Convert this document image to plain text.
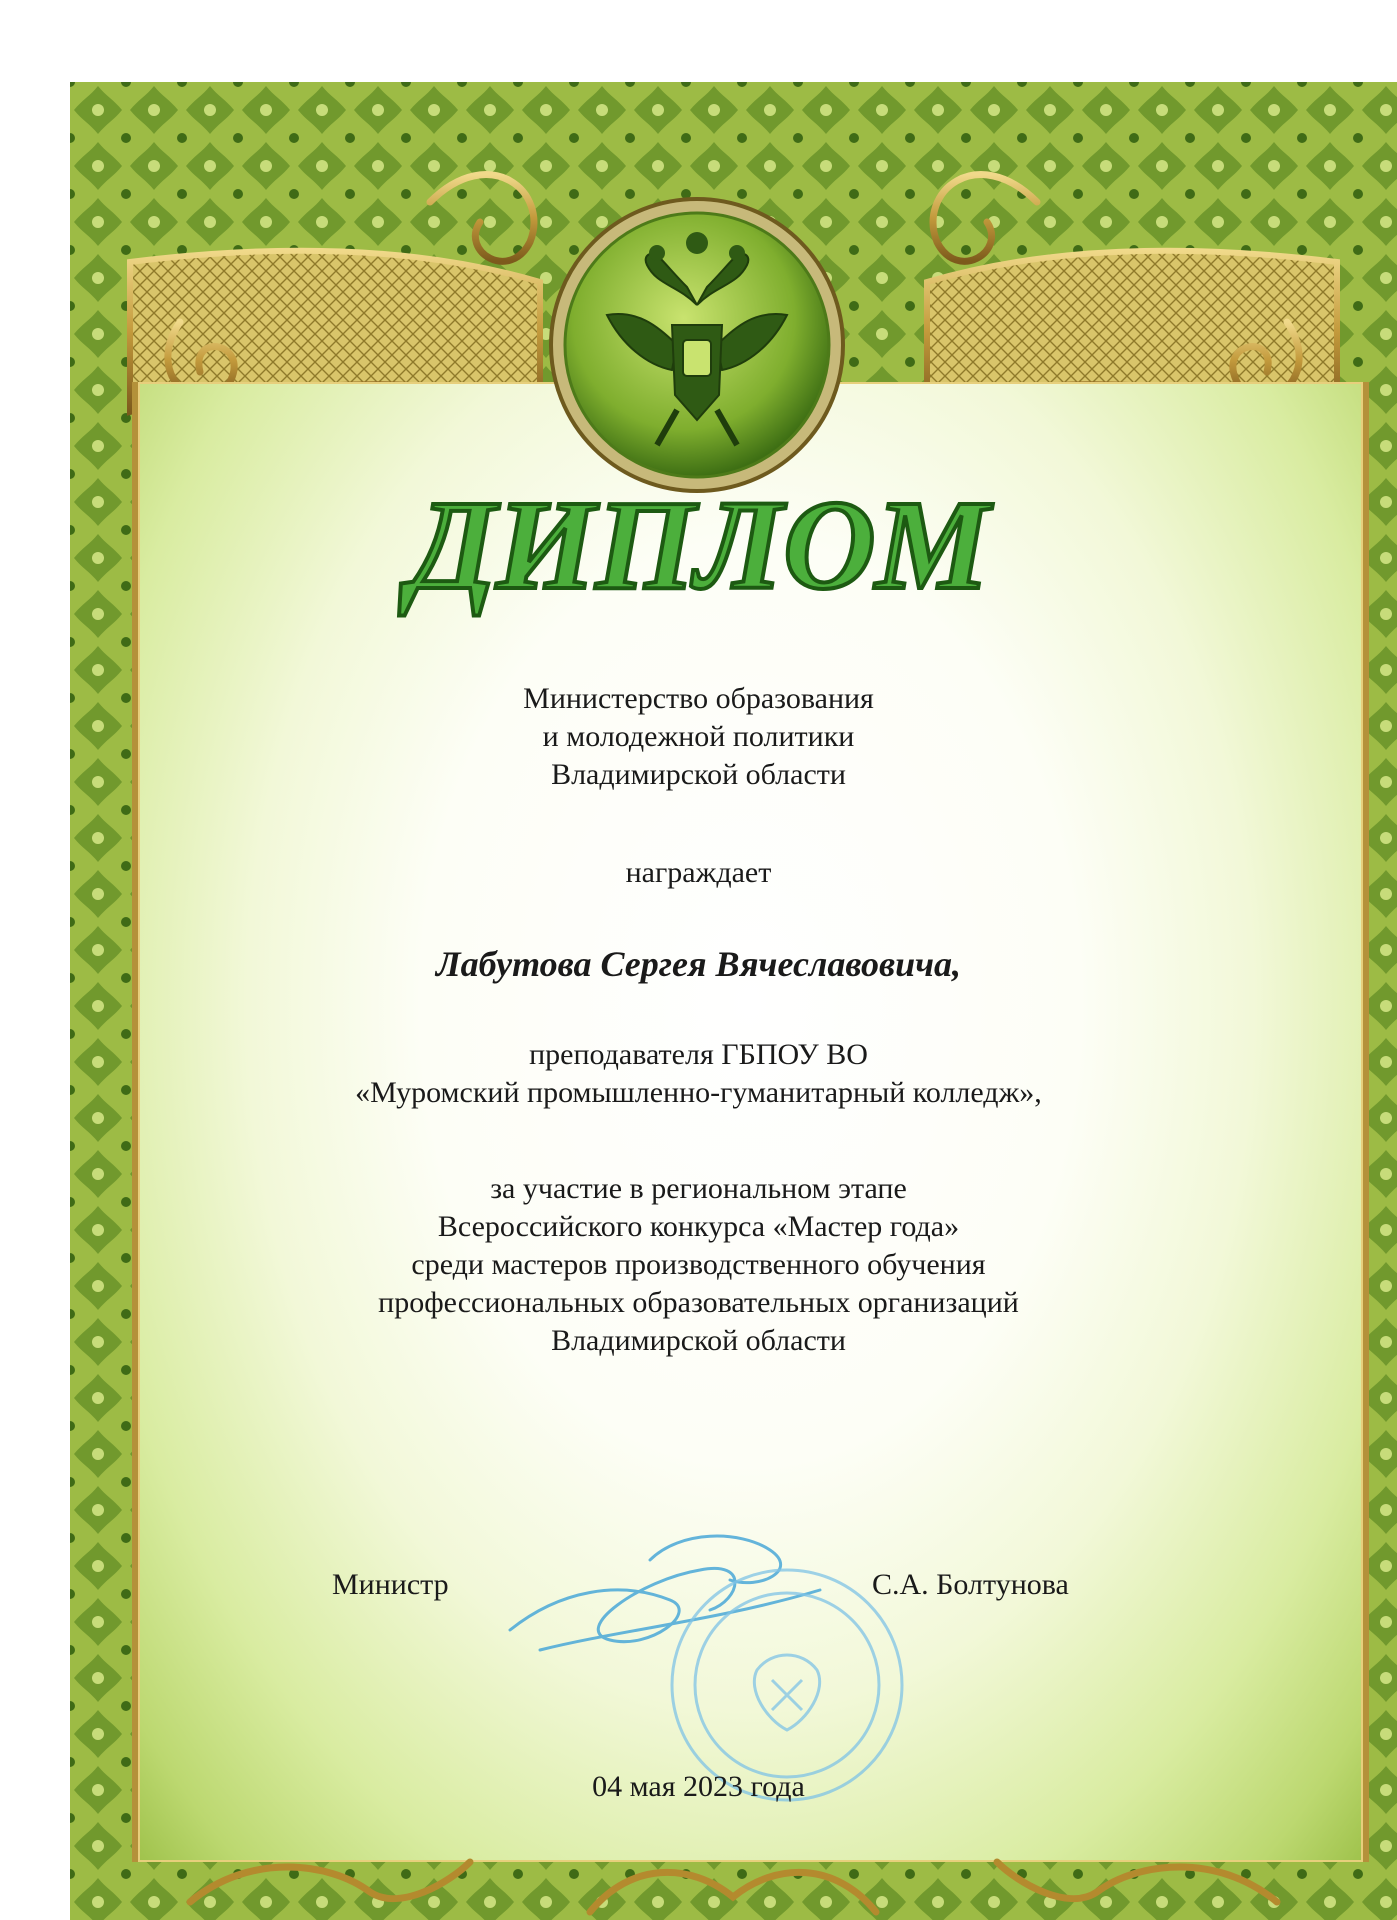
ДИПЛОМ
Министерство образования
и молодежной политики
Владимирской области
награждает
Лабутова Сергея Вячеславовича,
преподавателя ГБПОУ ВО
«Муромский промышленно-гуманитарный колледж»,
за участие в региональном этапе
Всероссийского конкурса «Мастер года»
среди мастеров производственного обучения
профессиональных образовательных организаций
Владимирской области
Министр	С.А. Болтунова
04 мая 2023 года
